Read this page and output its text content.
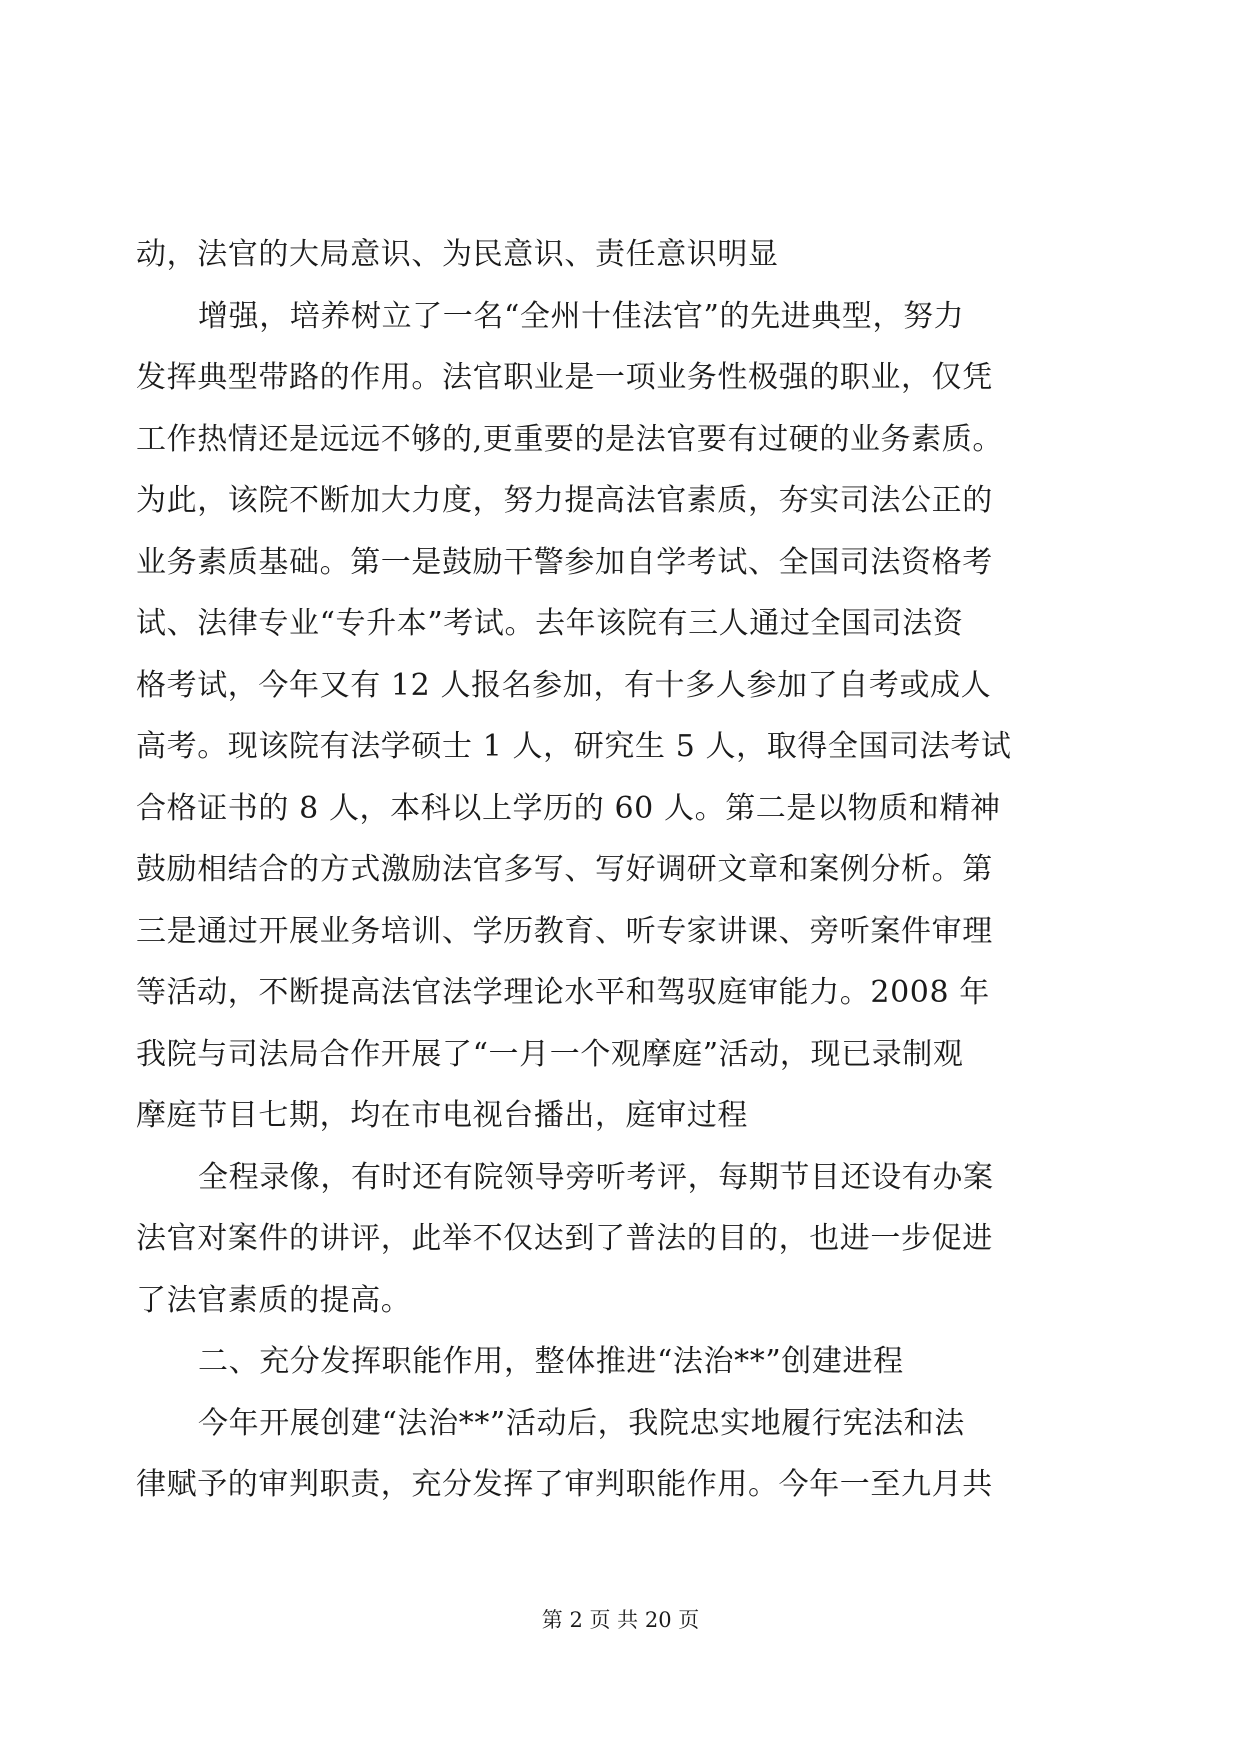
动，法官的大局意识、为民意识、责任意识明显
增强，培养树立了一名“全州十佳法官”的先进典型，努力
发挥典型带路的作用。法官职业是一项业务性极强的职业，仅凭
工作热情还是远远不够的,更重要的是法官要有过硬的业务素质。
为此，该院不断加大力度，努力提高法官素质，夯实司法公正的
业务素质基础。第一是鼓励干警参加自学考试、全国司法资格考
试、法律专业“专升本”考试。去年该院有三人通过全国司法资
格考试，今年又有 12 人报名参加，有十多人参加了自考或成人
高考。现该院有法学硕士 1 人，研究生 5 人，取得全国司法考试
合格证书的 8 人，本科以上学历的 60 人。第二是以物质和精神
鼓励相结合的方式激励法官多写、写好调研文章和案例分析。第
三是通过开展业务培训、学历教育、听专家讲课、旁听案件审理
等活动，不断提高法官法学理论水平和驾驭庭审能力。2008 年
我院与司法局合作开展了“一月一个观摩庭”活动，现已录制观
摩庭节目七期，均在市电视台播出，庭审过程
全程录像，有时还有院领导旁听考评，每期节目还设有办案
法官对案件的讲评，此举不仅达到了普法的目的，也进一步促进
了法官素质的提高。
二、充分发挥职能作用，整体推进“法治**”创建进程
今年开展创建“法治**”活动后，我院忠实地履行宪法和法
律赋予的审判职责，充分发挥了审判职能作用。今年一至九月共
第 2 页 共 20 页
